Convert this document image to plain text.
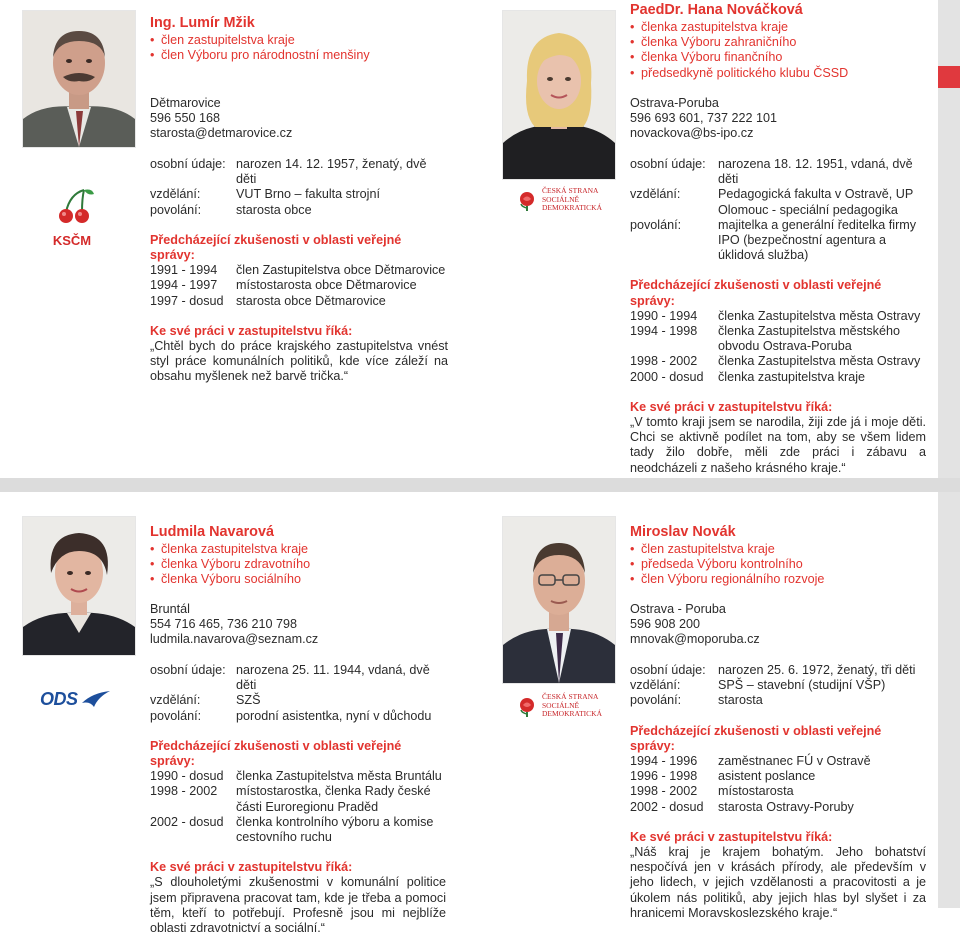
KSČM
Ing. Lumír Mžik
• člen zastupitelstva kraje
• člen Výboru pro národnostní menšiny
Dětmarovice
596 550 168
starosta@detmarovice.cz
osobní údaje: narozen 14. 12. 1957, ženatý, dvě děti
vzdělání:	VUT Brno – fakulta strojní
povolání:	starosta obce
Předcházející zkušenosti v oblasti veřejné správy:
1991 - 1994	člen Zastupitelstva obce Dětmarovice
1994 - 1997	místostarosta obce Dětmarovice
1997 - dosud starosta obce Dětmarovice
Ke své práci v zastupitelstvu říká:
„Chtěl bych do práce krajského zastupitelstva vnést styl práce komunálních politiků, kde více záleží na obsahu myšlenek než barvě trička.“
ČESKÁ STRANA
SOCIÁLNĚ
DEMOKRATICKÁ
PaedDr. Hana Nováčková
• členka zastupitelstva kraje
• členka Výboru zahraničního
• členka Výboru finančního
• předsedkyně politického klubu ČSSD
Ostrava-Poruba
596 693 601, 737 222 101
novackova@bs-ipo.cz
osobní údaje: narozena 18. 12. 1951, vdaná, dvě děti
vzdělání:	Pedagogická fakulta v Ostravě, UP Olomouc - speciální pedagogika
povolání:	majitelka a generální ředitelka firmy IPO (bezpečnostní agentura a úklidová služba)
Předcházející zkušenosti v oblasti veřejné správy:
1990 - 1994	členka Zastupitelstva města Ostravy
1994 - 1998	členka Zastupitelstva městského obvodu Ostrava-Poruba
1998 - 2002	členka Zastupitelstva města Ostravy
2000 - dosud	členka zastupitelstva kraje
Ke své práci v zastupitelstvu říká:
„V tomto kraji jsem se narodila, žiji zde já i moje děti. Chci se aktivně podílet na tom, aby se všem lidem tady žilo dobře, měli zde práci i zábavu a neodcházeli z našeho krásného kraje.“
ODS
Ludmila Navarová
• členka zastupitelstva kraje
• členka Výboru zdravotního
• členka Výboru sociálního
Bruntál
554 716 465, 736 210 798
ludmila.navarova@seznam.cz
osobní údaje: narozena 25. 11. 1944, vdaná, dvě děti
vzdělání:	SZŠ
povolání:	porodní asistentka, nyní v důchodu
Předcházející zkušenosti v oblasti veřejné správy:
1990 - dosud členka Zastupitelstva města Bruntálu
1998 - 2002	místostarostka, členka Rady české části Euroregionu Praděd
2002 - dosud členka kontrolního výboru a komise cestovního ruchu
Ke své práci v zastupitelstvu říká:
„S dlouholetými zkušenostmi v komunální politice jsem připravena pracovat tam, kde je třeba a pomoci těm, kteří to potřebují. Profesně jsou mi nejblíže oblasti zdravotnictví a sociální.“
ČESKÁ STRANA
SOCIÁLNĚ
DEMOKRATICKÁ
Miroslav Novák
• člen zastupitelstva kraje
• předseda Výboru kontrolního
• člen Výboru regionálního rozvoje
Ostrava - Poruba
596 908 200
mnovak@moporuba.cz
osobní údaje: narozen 25. 6. 1972, ženatý, tři děti
vzdělání:	SPŠ – stavební (studijní VŠP)
povolání:	starosta
Předcházející zkušenosti v oblasti veřejné správy:
1994 - 1996	zaměstnanec FÚ v Ostravě
1996 - 1998	asistent poslance
1998 - 2002	místostarosta
2002 - dosud	starosta Ostravy-Poruby
Ke své práci v zastupitelstvu říká:
„Náš kraj je krajem bohatým. Jeho bohatství nespočívá jen v krásách přírody, ale především v jeho lidech, v jejich vzdělanosti a pracovitosti a je úkolem nás politiků, aby jejich hlas byl slyšet i za hranicemi Moravskoslezského kraje.“
